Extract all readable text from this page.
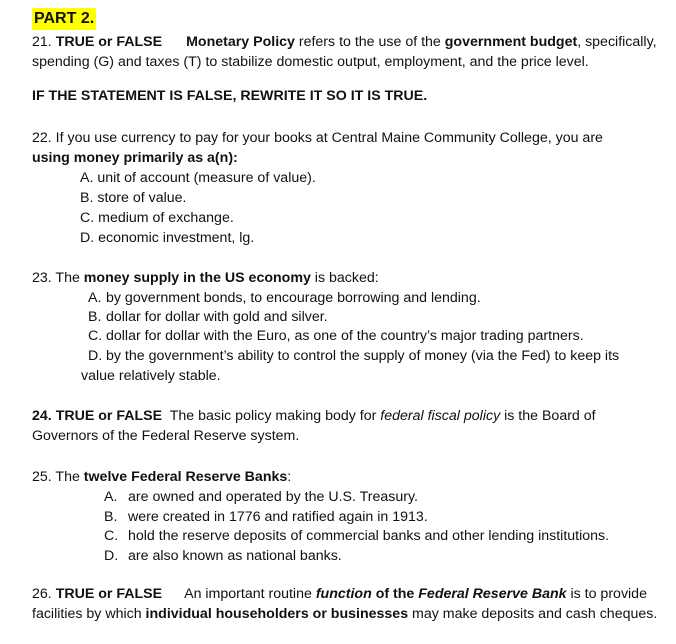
PART 2.
21. TRUE or FALSE Monetary Policy refers to the use of the government budget, specifically,
spending (G) and taxes (T) to stabilize domestic output, employment, and the price level.
IF THE STATEMENT IS FALSE, REWRITE IT SO IT IS TRUE.
22. If you use currency to pay for your books at Central Maine Community College, you are
using money primarily as a(n):
A. unit of account (measure of value).
B. store of value.
C. medium of exchange.
D. economic investment, lg.
23. The money supply in the US economy is backed:
A. by government bonds, to encourage borrowing and lending.
B. dollar for dollar with gold and silver.
C. dollar for dollar with the Euro, as one of the country’s major trading partners.
D. by the government’s ability to control the supply of money (via the Fed) to keep its
value relatively stable.
24. TRUE or FALSE  The basic policy making body for federal fiscal policy is the Board of
Governors of the Federal Reserve system.
25. The twelve Federal Reserve Banks:
A. are owned and operated by the U.S. Treasury.
B. were created in 1776 and ratified again in 1913.
C. hold the reserve deposits of commercial banks and other lending institutions.
D. are also known as national banks.
26. TRUE or FALSE An important routine function of the Federal Reserve Bank is to provide
facilities by which individual householders or businesses may make deposits and cash cheques.
